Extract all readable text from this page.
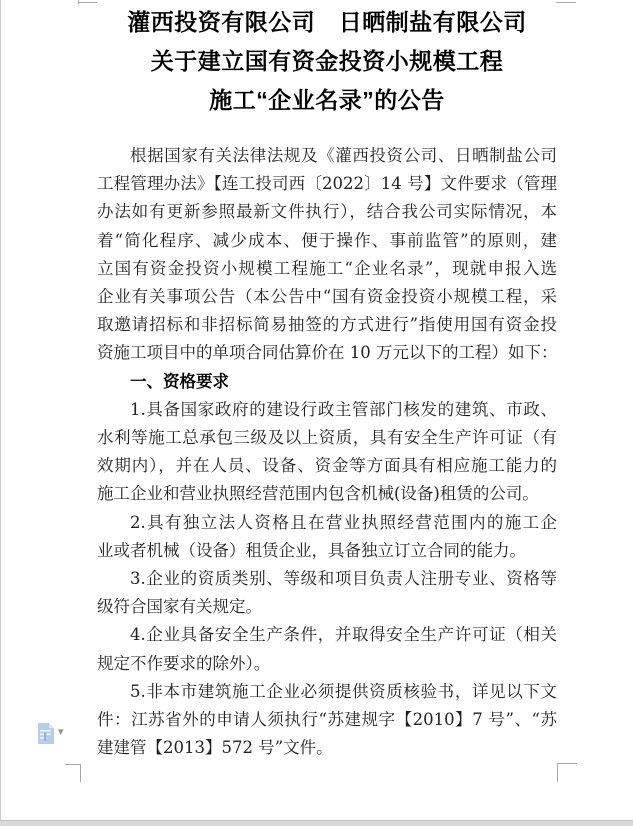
▾
灌西投资有限公司　日晒制盐有限公司
关于建立国有资金投资小规模工程
施工“企业名录”的公告
根据国家有关法律法规及《灌西投资公司、日晒制盐公司
工程管理办法》【连工投司西〔2022〕14 号】文件要求（管理
办法如有更新参照最新文件执行），结合我公司实际情况，本
着“简化程序、减少成本、便于操作、事前监管”的原则，建
立国有资金投资小规模工程施工“企业名录”，现就申报入选
企业有关事项公告（本公告中“国有资金投资小规模工程，采
取邀请招标和非招标简易抽签的方式进行”指使用国有资金投
资施工项目中的单项合同估算价在 10 万元以下的工程）如下：
一、资格要求
1.具备国家政府的建设行政主管部门核发的建筑、市政、
水利等施工总承包三级及以上资质，具有安全生产许可证（有
效期内），并在人员、设备、资金等方面具有相应施工能力的
施工企业和营业执照经营范围内包含机械(设备)租赁的公司。
2.具有独立法人资格且在营业执照经营范围内的施工企
业或者机械（设备）租赁企业，具备独立订立合同的能力。
3.企业的资质类别、等级和项目负责人注册专业、资格等
级符合国家有关规定。
4.企业具备安全生产条件，并取得安全生产许可证（相关
规定不作要求的除外）。
5.非本市建筑施工企业必须提供资质核验书，详见以下文
件：江苏省外的申请人须执行“苏建规字【2010】7 号”、“苏
建建管【2013】572 号”文件。
